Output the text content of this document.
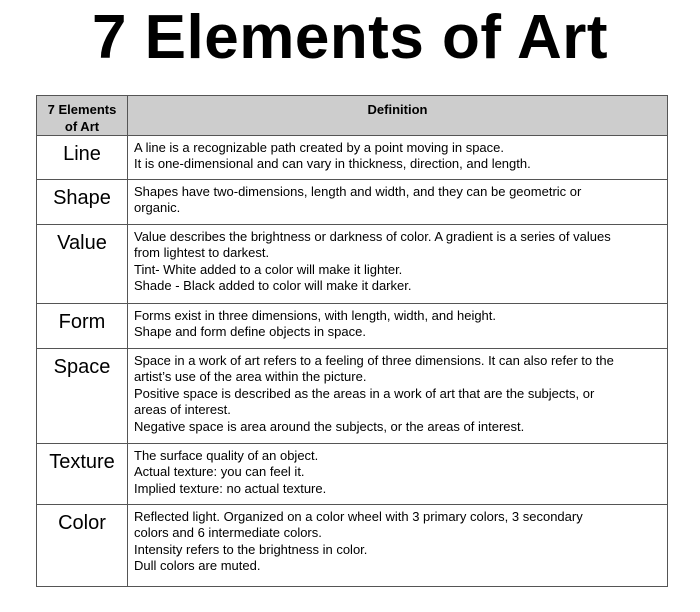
7 Elements of Art
7 Elements
of Art	Definition
Line	A line is a recognizable path created by a point moving in space.
It is one-dimensional and can vary in thickness, direction, and length.

Shape	Shapes have two-dimensions, length and width, and they can be geometric or
organic.

Value	Value describes the brightness or darkness of color. A gradient is a series of values
from lightest to darkest.
Tint- White added to a color will make it lighter.
Shade - Black added to color will make it darker.

Form	Forms exist in three dimensions, with length, width, and height.
Shape and form define objects in space.

Space	Space in a work of art refers to a feeling of three dimensions. It can also refer to the
artist’s use of the area within the picture.
Positive space is described as the areas in a work of art that are the subjects, or
areas of interest.
Negative space is area around the subjects, or the areas of interest.

Texture	The surface quality of an object.
Actual texture: you can feel it.
Implied texture: no actual texture.

Color	Reflected light. Organized on a color wheel with 3 primary colors, 3 secondary
colors and 6 intermediate colors.
Intensity refers to the brightness in color.
Dull colors are muted.
